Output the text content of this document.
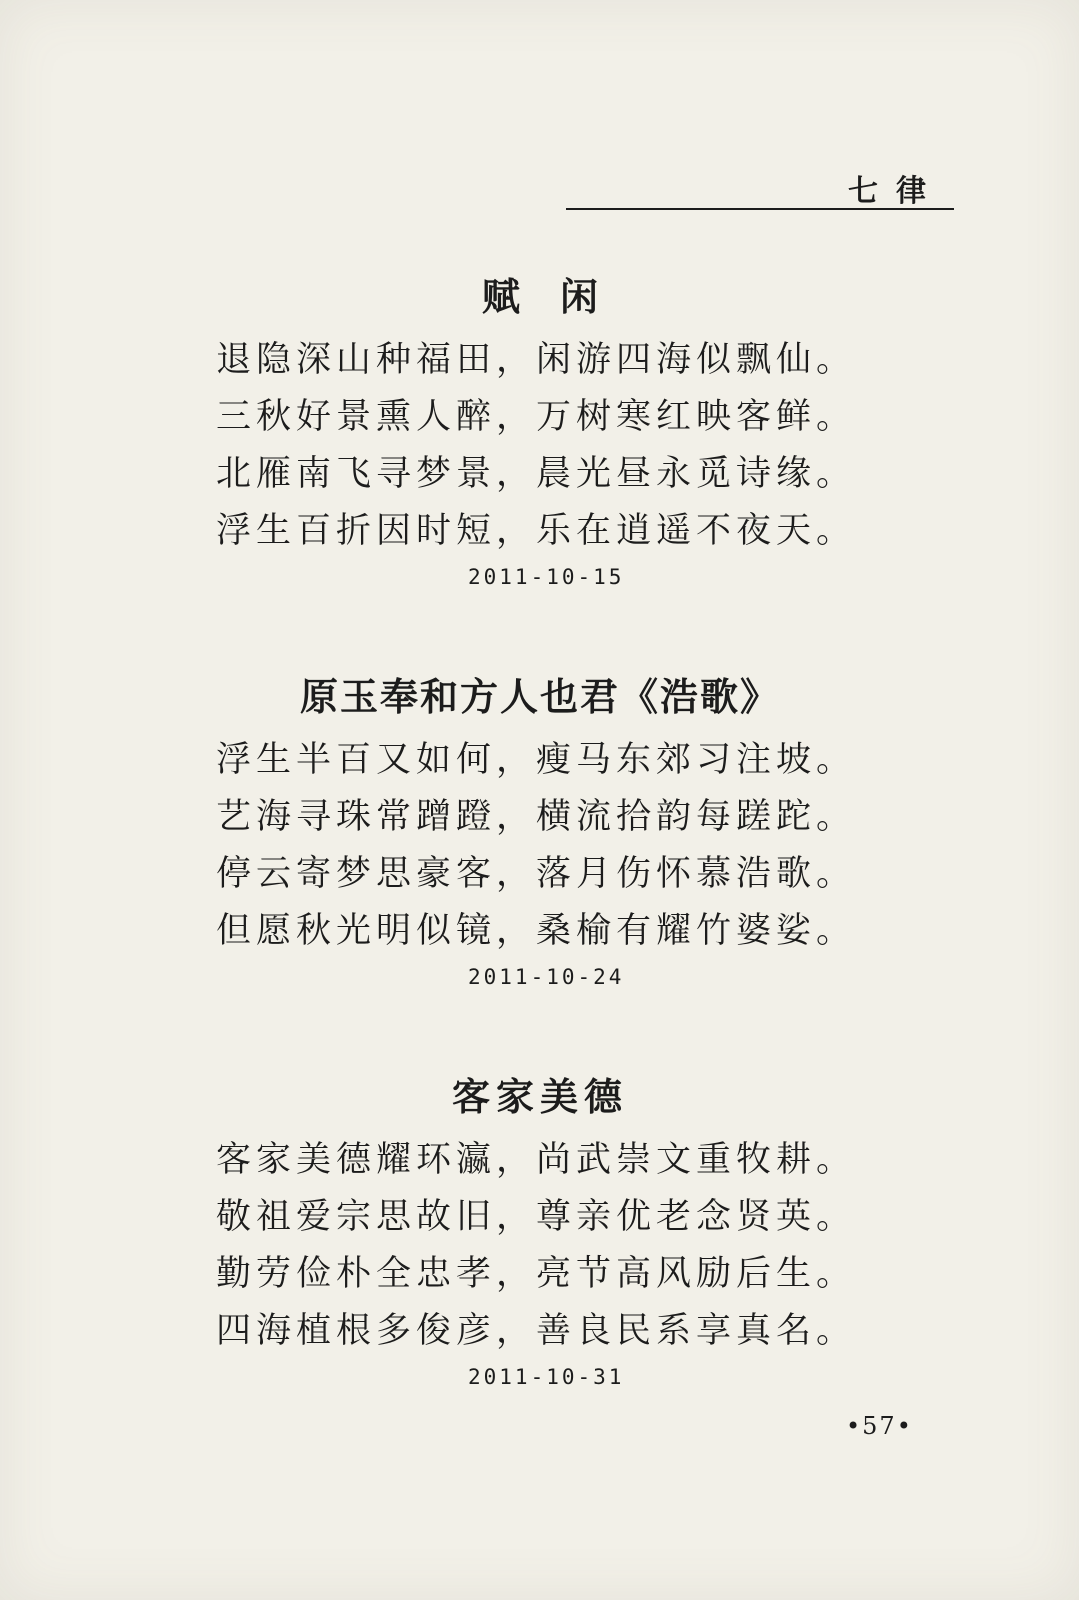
七律
赋闲
退隐深山种福田，闲游四海似飘仙。
三秋好景熏人醉，万树寒红映客鲜。
北雁南飞寻梦景，晨光昼永觅诗缘。
浮生百折因时短，乐在逍遥不夜天。
2011-10-15
原玉奉和方人也君《浩歌》
浮生半百又如何，瘦马东郊习注坡。
艺海寻珠常蹭蹬，横流拾韵每蹉跎。
停云寄梦思豪客，落月伤怀慕浩歌。
但愿秋光明似镜，桑榆有耀竹婆娑。
2011-10-24
客家美德
客家美德耀环瀛，尚武崇文重牧耕。
敬祖爱宗思故旧，尊亲优老念贤英。
勤劳俭朴全忠孝，亮节高风励后生。
四海植根多俊彦，善良民系享真名。
2011-10-31
•57•
